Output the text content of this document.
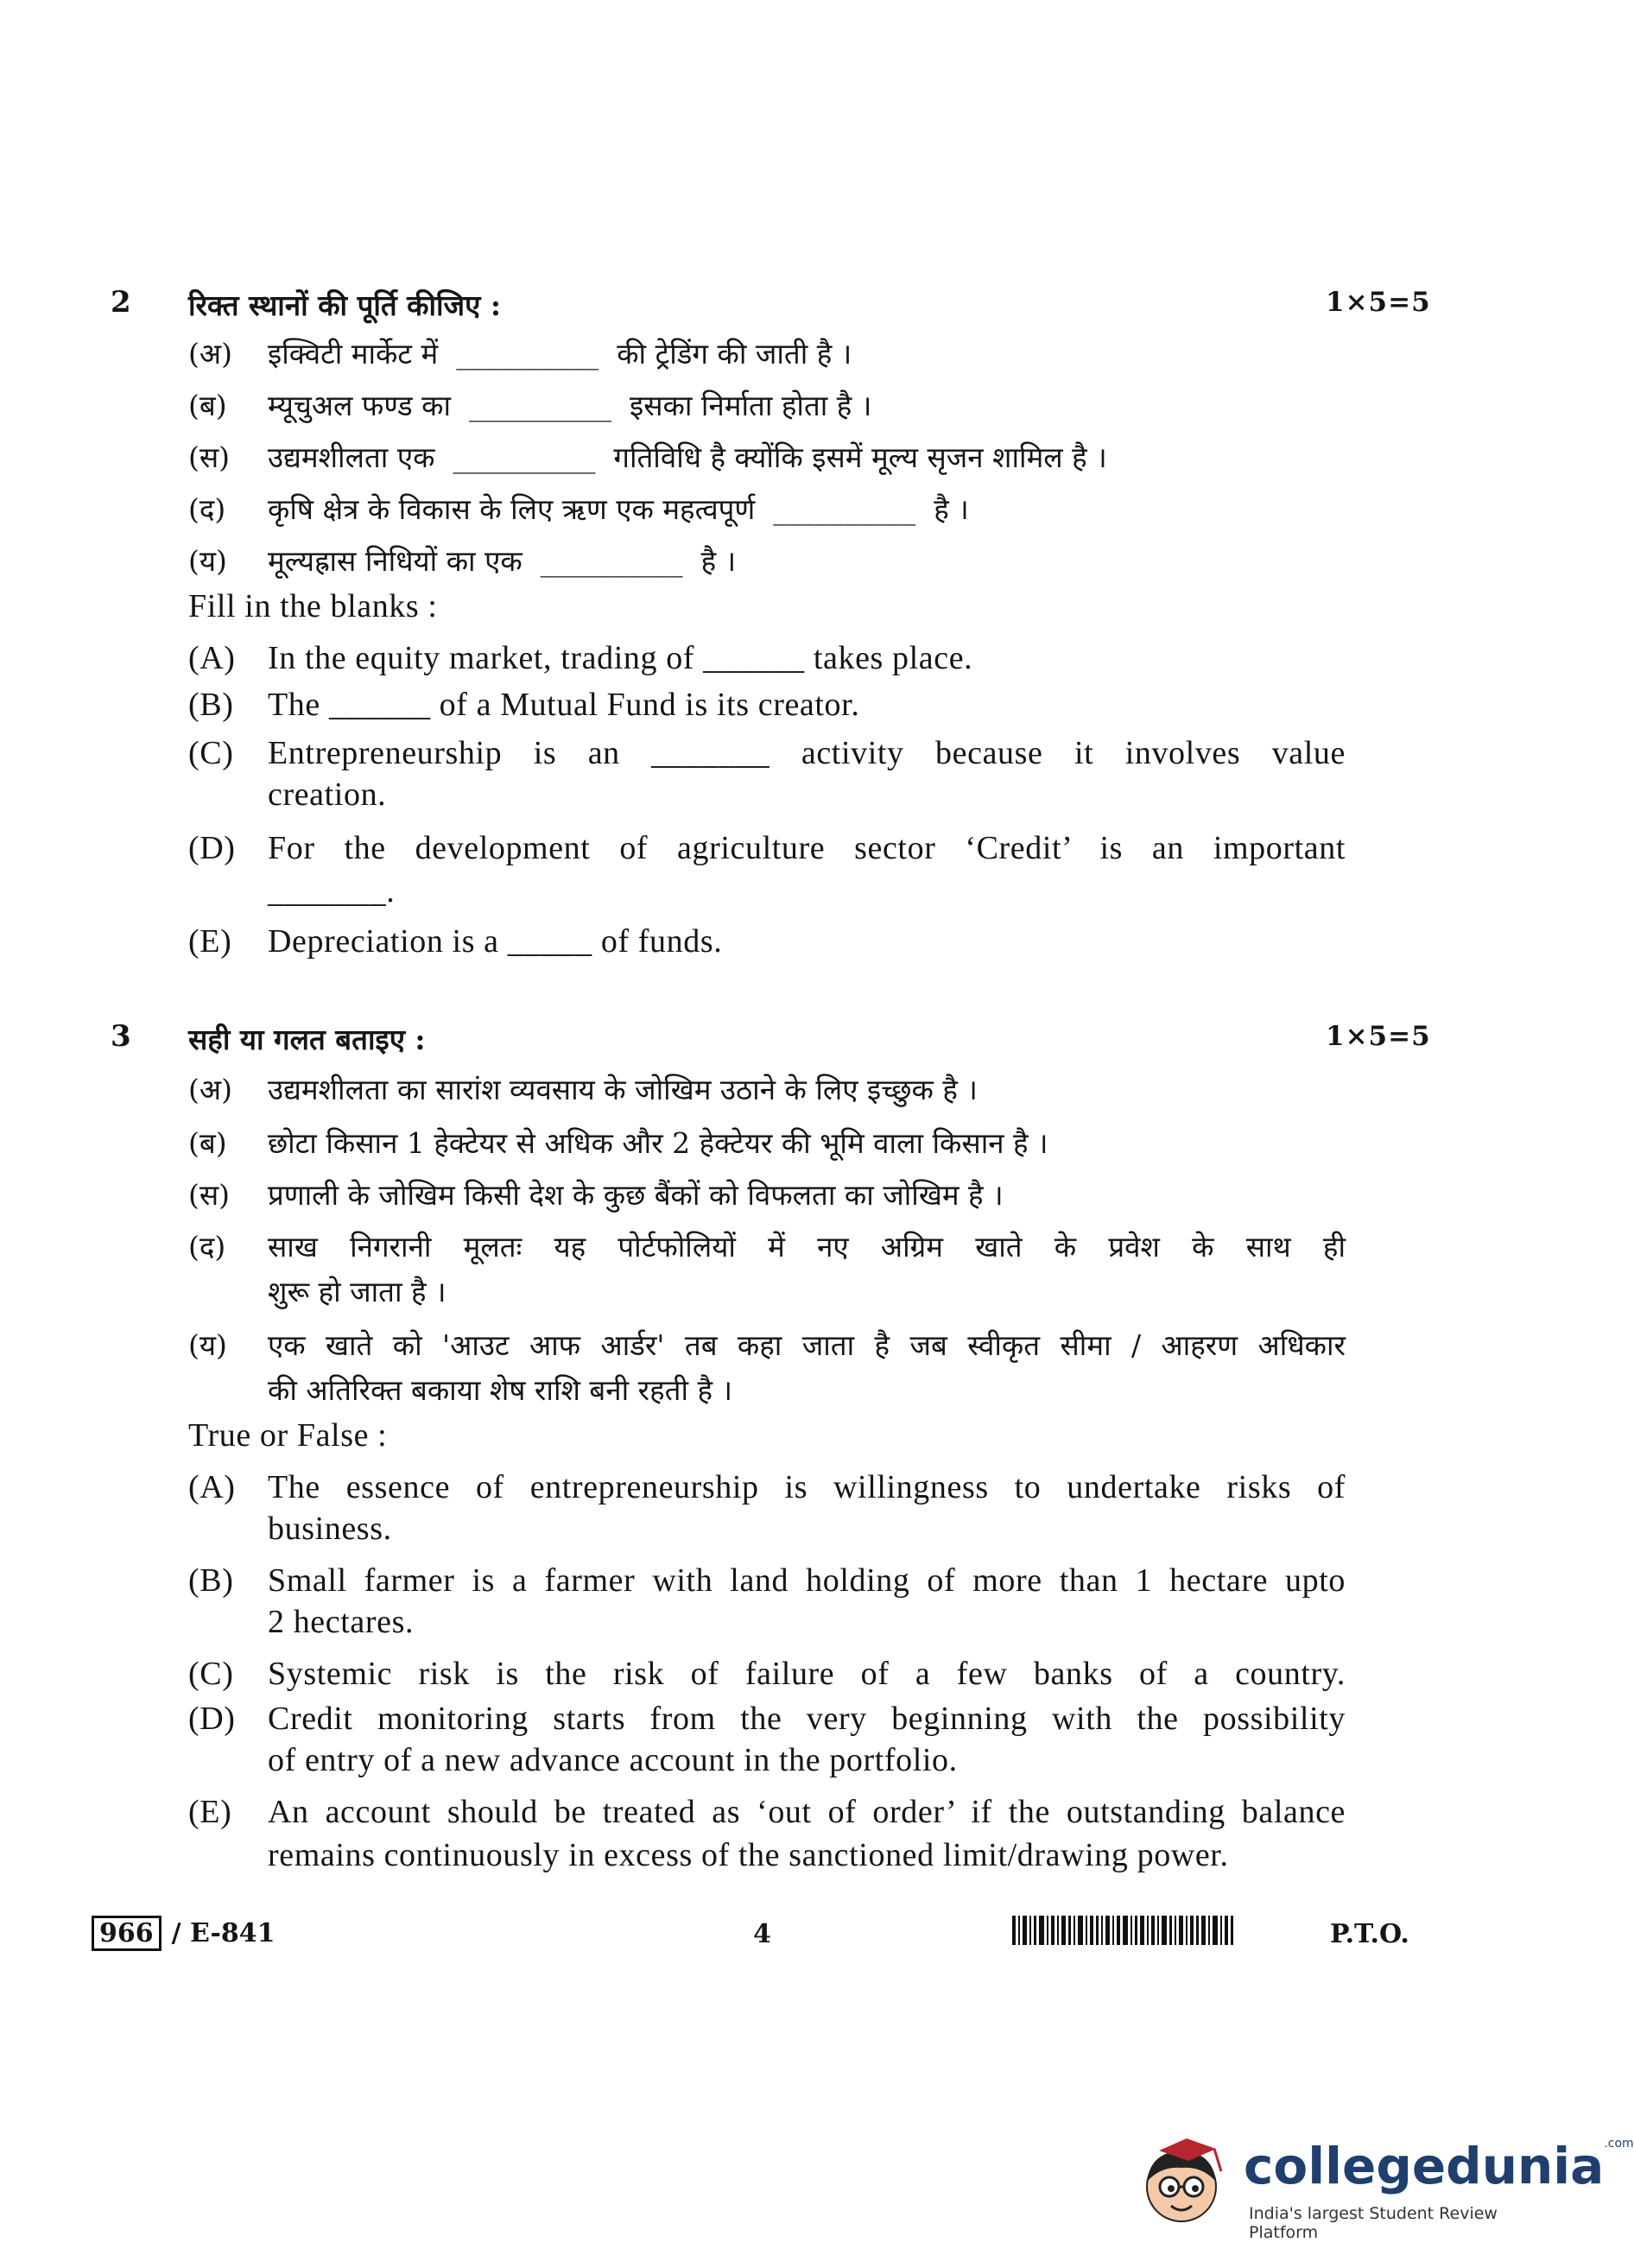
2 रिक्त स्थानों की पूर्ति कीजिए :	1×5=5
(अ) इक्विटी मार्केट में  __________  की ट्रेडिंग की जाती है ।
(ब) म्यूचुअल फण्ड का  __________  इसका निर्माता होता है ।
(स) उद्यमशीलता एक  __________  गतिविधि है क्योंकि इसमें मूल्य सृजन शामिल है ।
(द) कृषि क्षेत्र के विकास के लिए ऋण एक महत्वपूर्ण  __________  है ।
(य) मूल्यह्रास निधियों का एक  __________  है ।
Fill in the blanks :
(A) In the equity market, trading of ______ takes place.
(B) The ______ of a Mutual Fund is its creator.
(C) Entrepreneurship is an _______ activity because it involves value
creation.
(D) For the development of agriculture sector ‘Credit’ is an important
_______.
(E) Depreciation is a _____ of funds.
3 सही या गलत बताइए :	1×5=5
(अ) उद्यमशीलता का सारांश व्यवसाय के जोखिम उठाने के लिए इच्छुक है ।
(ब) छोटा किसान 1 हेक्टेयर से अधिक और 2 हेक्टेयर की भूमि वाला किसान है ।
(स) प्रणाली के जोखिम किसी देश के कुछ बैंकों को विफलता का जोखिम है ।
(द) साख निगरानी मूलतः यह पोर्टफोलियों में नए अग्रिम खाते के प्रवेश के साथ ही
शुरू हो जाता है ।
(य) एक खाते को 'आउट आफ आर्डर' तब कहा जाता है जब स्वीकृत सीमा / आहरण अधिकार
की अतिरिक्त बकाया शेष राशि बनी रहती है ।
True or False :
(A) The essence of entrepreneurship is willingness to undertake risks of
business.
(B) Small farmer is a farmer with land holding of more than 1 hectare upto
2 hectares.
(C) Systemic risk is the risk of failure of a few banks of a country.
(D) Credit monitoring starts from the very beginning with the possibility
of entry of a new advance account in the portfolio.
(E) An account should be treated as ‘out of order’ if the outstanding balance
remains continuously in excess of the sanctioned limit/drawing power.
966 / E-841	4	P.T.O.
collegedunia.com
India's largest Student Review Platform
